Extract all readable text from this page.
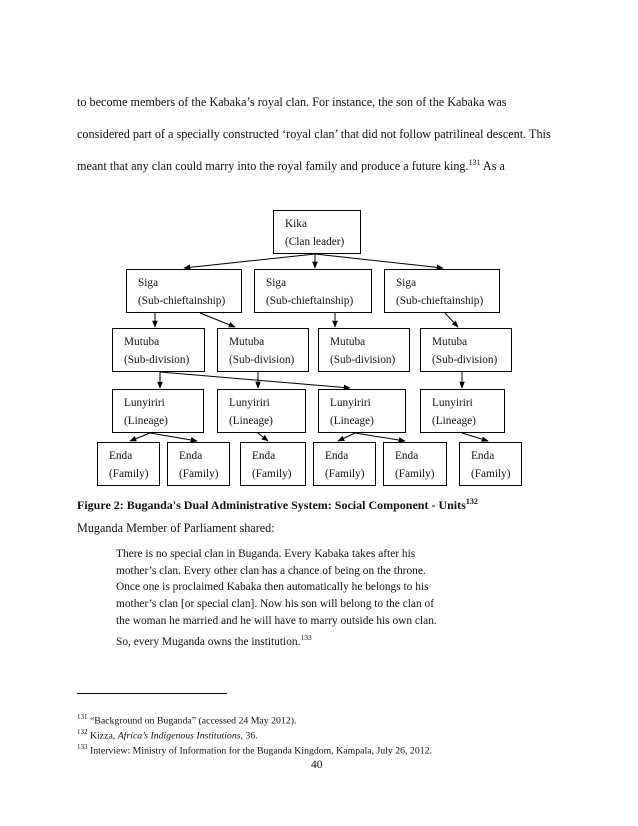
to become members of the Kabaka’s royal clan. For instance, the son of the Kabaka was
considered part of a specially constructed ‘royal clan’ that did not follow patrilineal descent. This
meant that any clan could marry into the royal family and produce a future king.$^{131}$ As a
Kika
(Clan leader)
Siga
(Sub-chieftainship)
Siga
(Sub-chieftainship)
Siga
(Sub-chieftainship)
Mutuba
(Sub-division)
Mutuba
(Sub-division)
Mutuba
(Sub-division)
Mutuba
(Sub-division)
Lunyiriri
(Lineage)
Lunyiriri
(Lineage)
Lunyiriri
(Lineage)
Lunyiriri
(Lineage)
Enda
(Family)
Enda
(Family)
Enda
(Family)
Enda
(Family)
Enda
(Family)
Enda
(Family)
Figure 2: Buganda's Dual Administrative System: Social Component - Units$^{132}$
Muganda Member of Parliament shared:
There is no special clan in Buganda. Every Kabaka takes after his mother’s clan. Every other clan has a chance of being on the throne. Once one is proclaimed Kabaka then automatically he belongs to his mother’s clan [or special clan]. Now his son will belong to the clan of the woman he married and he will have to marry outside his own clan. So, every Muganda owns the institution.$^{133}$
$^{131}$ “Background on Buganda” (accessed 24 May 2012).
$^{132}$ Kizza, Africa’s Indigenous Institutions, 36.
$^{133}$ Interview: Ministry of Information for the Buganda Kingdom, Kampala, July 26, 2012.
40
